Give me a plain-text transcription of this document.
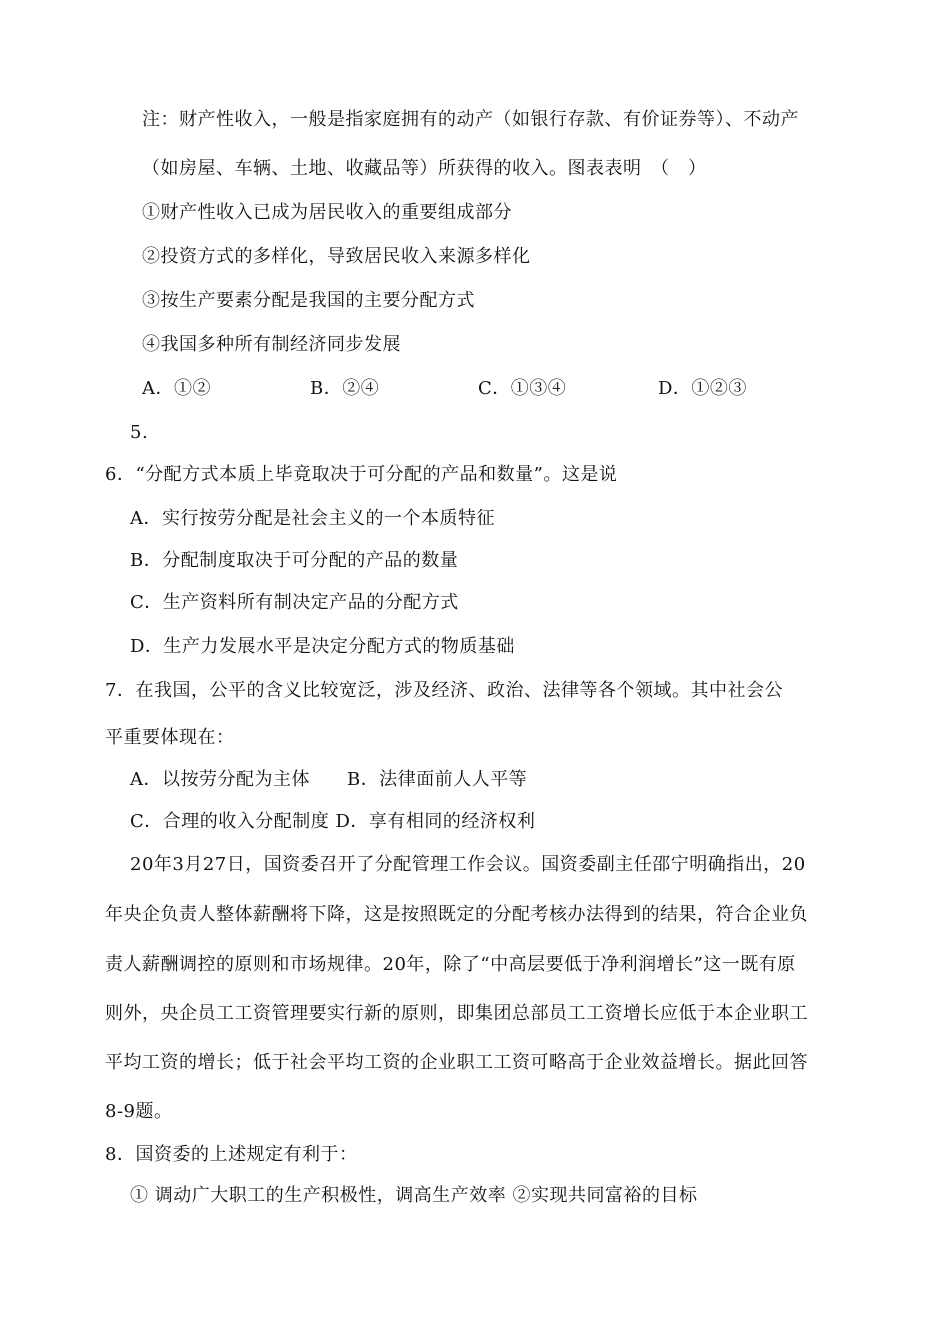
注：财产性收入，一般是指家庭拥有的动产（如银行存款、有价证券等）、不动产
（如房屋、车辆、土地、收藏品等）所获得的收入。图表表明　（　）
①财产性收入已成为居民收入的重要组成部分
②投资方式的多样化，导致居民收入来源多样化
③按生产要素分配是我国的主要分配方式
④我国多种所有制经济同步发展
A．①②	B．②④	C．①③④	D．①②③
5.
6．“分配方式本质上毕竟取决于可分配的产品和数量”。这是说
A．实行按劳分配是社会主义的一个本质特征
B．分配制度取决于可分配的产品的数量
C．生产资料所有制决定产品的分配方式
D．生产力发展水平是决定分配方式的物质基础
7．在我国，公平的含义比较宽泛，涉及经济、政治、法律等各个领域。其中社会公
平重要体现在：
A．以按劳分配为主体　　B．法律面前人人平等
C．合理的收入分配制度 D．享有相同的经济权利
20年3月27日，国资委召开了分配管理工作会议。国资委副主任邵宁明确指出，20
年央企负责人整体薪酬将下降，这是按照既定的分配考核办法得到的结果，符合企业负
责人薪酬调控的原则和市场规律。20年，除了“中高层要低于净利润增长”这一既有原
则外，央企员工工资管理要实行新的原则，即集团总部员工工资增长应低于本企业职工
平均工资的增长；低于社会平均工资的企业职工工资可略高于企业效益增长。据此回答
8-9题。
8．国资委的上述规定有利于：
① 调动广大职工的生产积极性，调高生产效率 ②实现共同富裕的目标
